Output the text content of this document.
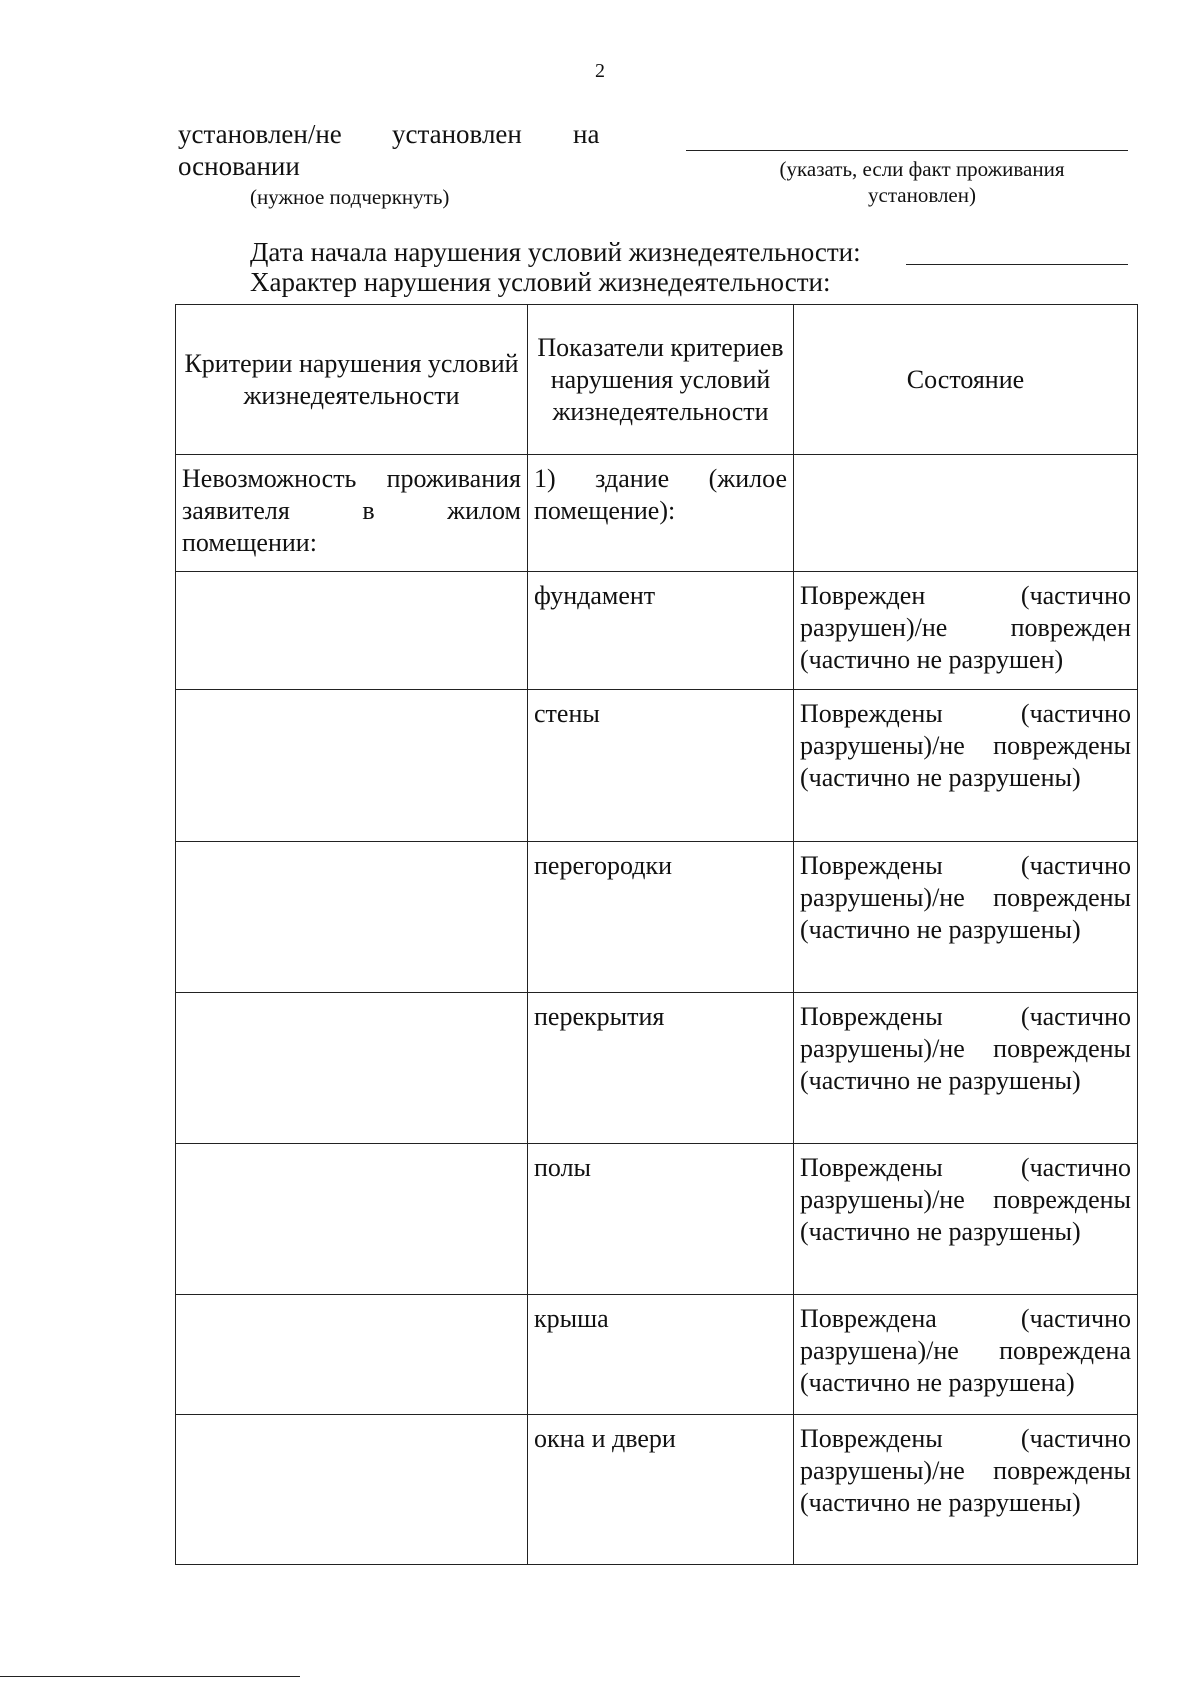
2
установлен/не установлен на
основании
(нужное подчеркнуть)
(указать, если факт проживания
установлен)
Дата начала нарушения условий жизнедеятельности:
Характер нарушения условий жизнедеятельности:
Критерии нарушения условий жизнедеятельности	Показатели критериев нарушения условий жизнедеятельности	Состояние
Невозможность проживания заявителя в жилом помещении:	1) здание (жилое помещение):	
	фундамент	Поврежден (частично разрушен)/не поврежден (частично не разрушен)
	стены	Повреждены (частично разрушены)/не повреждены (частично не разрушены)
	перегородки	Повреждены (частично разрушены)/не повреждены (частично не разрушены)
	перекрытия	Повреждены (частично разрушены)/не повреждены (частично не разрушены)
	полы	Повреждены (частично разрушены)/не повреждены (частично не разрушены)
	крыша	Повреждена (частично разрушена)/не повреждена (частично не разрушена)
	окна и двери	Повреждены (частично разрушены)/не повреждены (частично не разрушены)
